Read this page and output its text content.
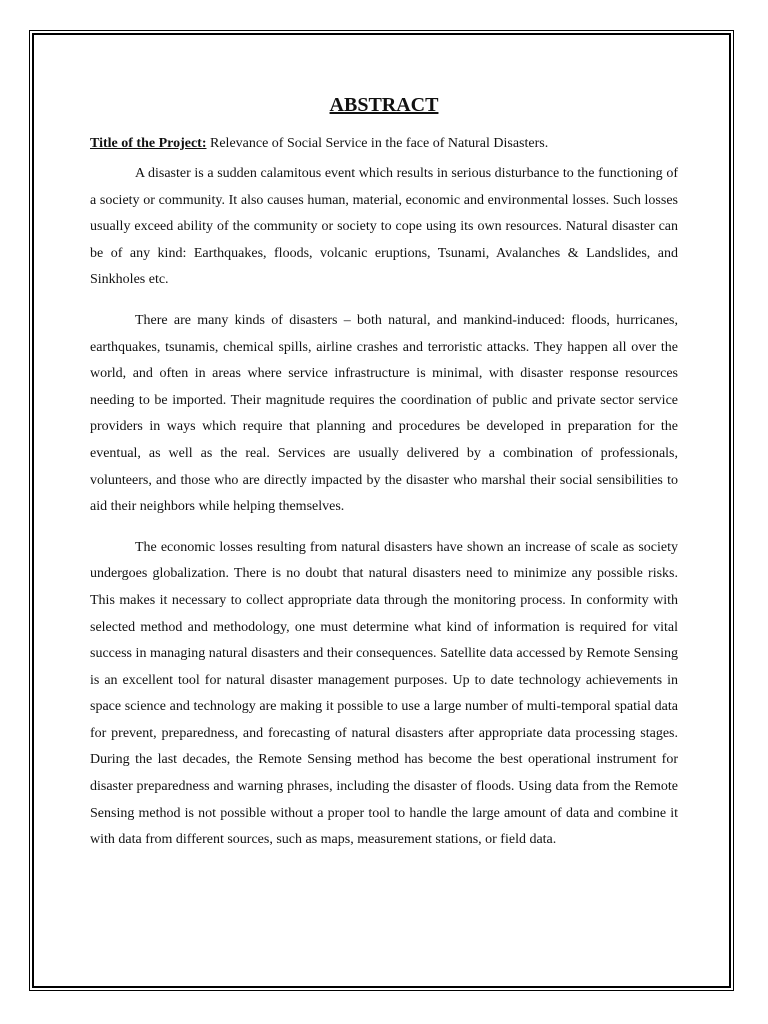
ABSTRACT

Title of the Project: Relevance of Social Service in the face of Natural Disasters.

A disaster is a sudden calamitous event which results in serious disturbance to the functioning of a society or community. It also causes human, material, economic and environmental losses. Such losses usually exceed ability of the community or society to cope using its own resources. Natural disaster can be of any kind: Earthquakes, floods, volcanic eruptions, Tsunami, Avalanches & Landslides, and Sinkholes etc.

There are many kinds of disasters – both natural, and mankind-induced: floods, hurricanes, earthquakes, tsunamis, chemical spills, airline crashes and terroristic attacks. They happen all over the world, and often in areas where service infrastructure is minimal, with disaster response resources needing to be imported. Their magnitude requires the coordination of public and private sector service providers in ways which require that planning and procedures be developed in preparation for the eventual, as well as the real. Services are usually delivered by a combination of professionals, volunteers, and those who are directly impacted by the disaster who marshal their social sensibilities to aid their neighbors while helping themselves.

The economic losses resulting from natural disasters have shown an increase of scale as society undergoes globalization. There is no doubt that natural disasters need to minimize any possible risks. This makes it necessary to collect appropriate data through the monitoring process. In conformity with selected method and methodology, one must determine what kind of information is required for vital success in managing natural disasters and their consequences. Satellite data accessed by Remote Sensing is an excellent tool for natural disaster management purposes. Up to date technology achievements in space science and technology are making it possible to use a large number of multi-temporal spatial data for prevent, preparedness, and forecasting of natural disasters after appropriate data processing stages. During the last decades, the Remote Sensing method has become the best operational instrument for disaster preparedness and warning phrases, including the disaster of floods. Using data from the Remote Sensing method is not possible without a proper tool to handle the large amount of data and combine it with data from different sources, such as maps, measurement stations, or field data.
